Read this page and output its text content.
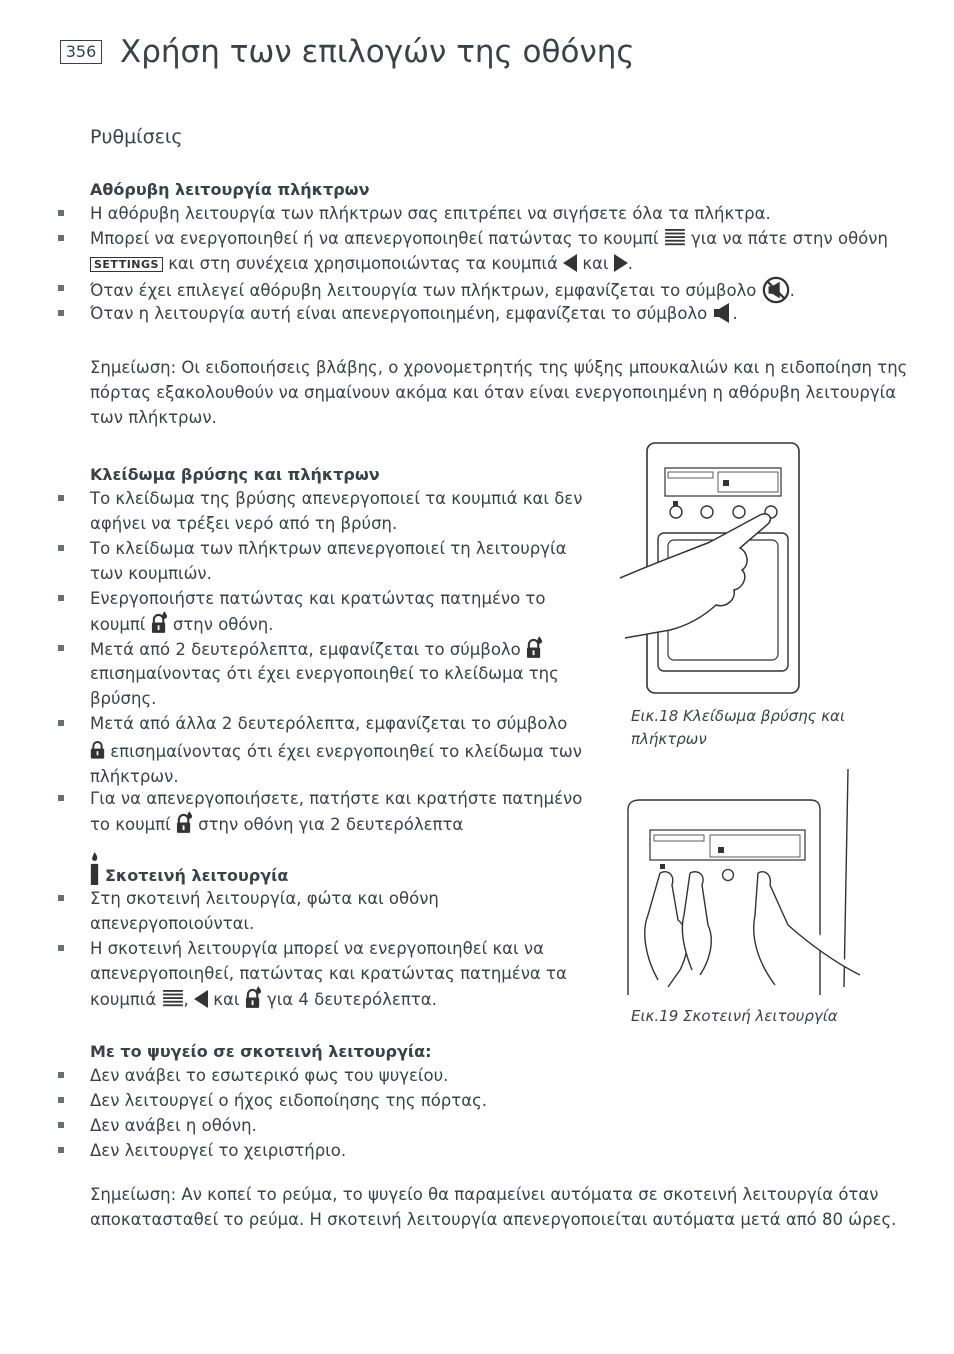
356 Χρήση των επιλογών της οθόνης
Ρυθμίσεις
Αθόρυβη λειτουργία πλήκτρων
Η αθόρυβη λειτουργία των πλήκτρων σας επιτρέπει να σιγήσετε όλα τα πλήκτρα.
Μπορεί να ενεργοποιηθεί ή να απενεργοποιηθεί πατώντας το κουμπί για να πάτε στην οθόνη
SETTINGS και στη συνέχεια χρησιμοποιώντας τα κουμπιά και .
Όταν έχει επιλεγεί αθόρυβη λειτουργία των πλήκτρων, εμφανίζεται το σύμβολο .
Όταν η λειτουργία αυτή είναι απενεργοποιημένη, εμφανίζεται το σύμβολο .
Σημείωση: Οι ειδοποιήσεις βλάβης, ο χρονομετρητής της ψύξης μπουκαλιών και η ειδοποίηση της
πόρτας εξακολουθούν να σημαίνουν ακόμα και όταν είναι ενεργοποιημένη η αθόρυβη λειτουργία
των πλήκτρων.
Κλείδωμα βρύσης και πλήκτρων
Το κλείδωμα της βρύσης απενεργοποιεί τα κουμπιά και δεν
αφήνει να τρέξει νερό από τη βρύση.
Το κλείδωμα των πλήκτρων απενεργοποιεί τη λειτουργία
των κουμπιών.
Ενεργοποιήστε πατώντας και κρατώντας πατημένο το
κουμπί στην οθόνη.
Μετά από 2 δευτερόλεπτα, εμφανίζεται το σύμβολο
επισημαίνοντας ότι έχει ενεργοποιηθεί το κλείδωμα της
βρύσης.
Μετά από άλλα 2 δευτερόλεπτα, εμφανίζεται το σύμβολο
επισημαίνοντας ότι έχει ενεργοποιηθεί το κλείδωμα των
πλήκτρων.
Για να απενεργοποιήσετε, πατήστε και κρατήστε πατημένο
το κουμπί στην οθόνη για 2 δευτερόλεπτα
Σκοτεινή λειτουργία
Στη σκοτεινή λειτουργία, φώτα και οθόνη
απενεργοποιούνται.
Η σκοτεινή λειτουργία μπορεί να ενεργοποιηθεί και να
απενεργοποιηθεί, πατώντας και κρατώντας πατημένα τα
κουμπιά , και για 4 δευτερόλεπτα.
Με το ψυγείο σε σκοτεινή λειτουργία:
Δεν ανάβει το εσωτερικό φως του ψυγείου.
Δεν λειτουργεί ο ήχος ειδοποίησης της πόρτας.
Δεν ανάβει η οθόνη.
Δεν λειτουργεί το χειριστήριο.
Σημείωση: Αν κοπεί το ρεύμα, το ψυγείο θα παραμείνει αυτόματα σε σκοτεινή λειτουργία όταν
αποκατασταθεί το ρεύμα. Η σκοτεινή λειτουργία απενεργοποιείται αυτόματα μετά από 80 ώρες.
Εικ.18 Κλείδωμα βρύσης και
πλήκτρων
Εικ.19 Σκοτεινή λειτουργία
